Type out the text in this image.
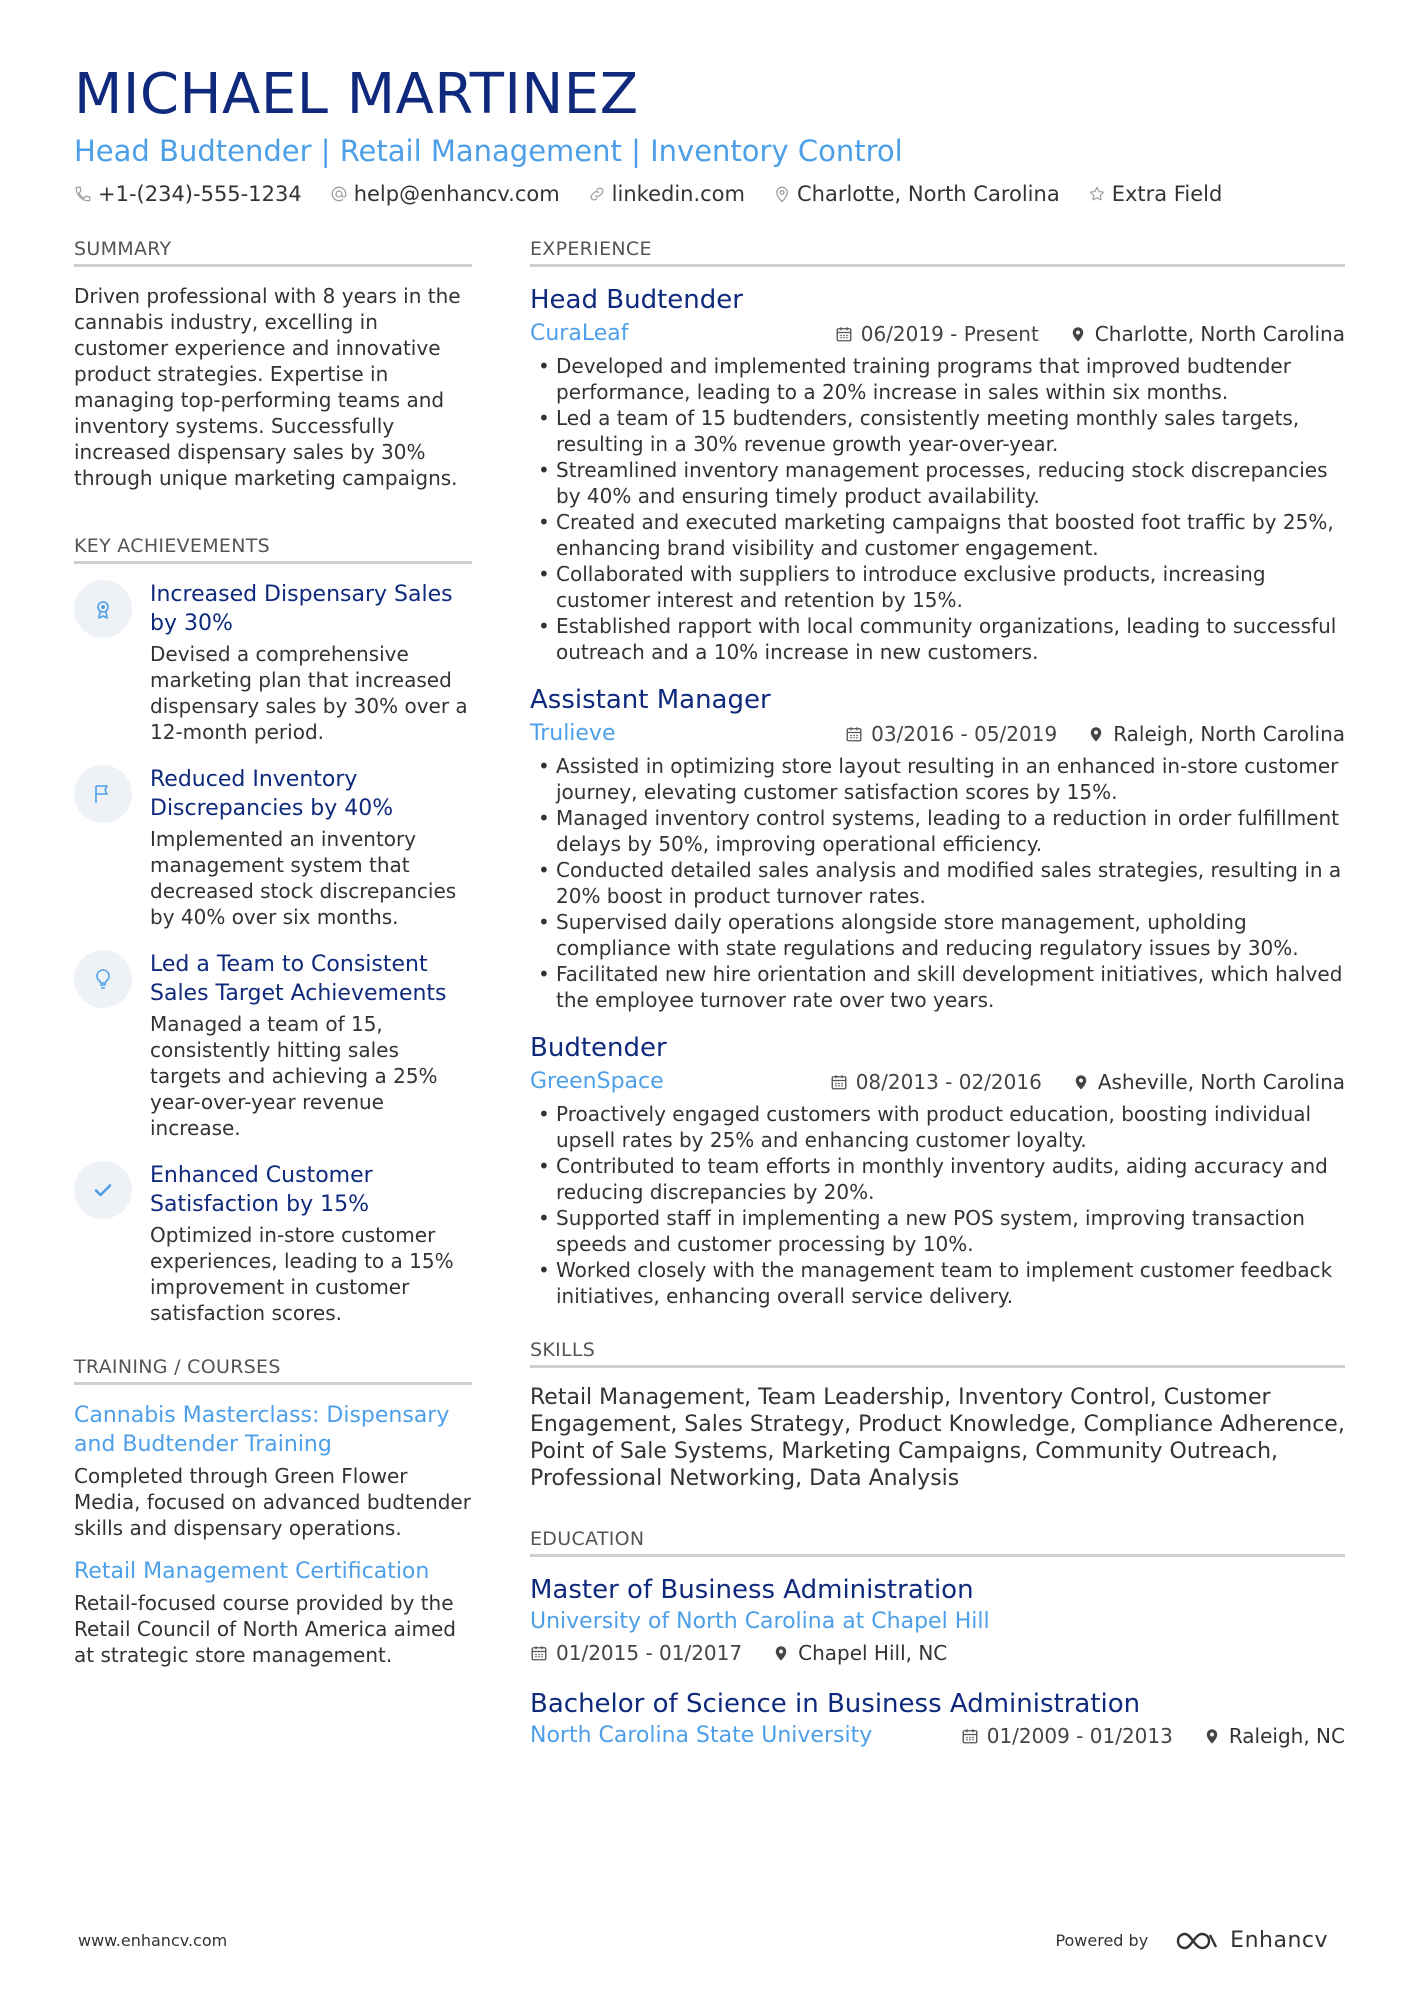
MICHAEL MARTINEZ
Head Budtender | Retail Management | Inventory Control
+1-(234)-555-1234 help@enhancv.com linkedin.com Charlotte, North Carolina Extra Field
SUMMARY
Driven professional with 8 years in the cannabis industry, excelling in customer experience and innovative product strategies. Expertise in managing top-performing teams and inventory systems. Successfully increased dispensary sales by 30% through unique marketing campaigns.
KEY ACHIEVEMENTS
Increased Dispensary Sales by 30%
Devised a comprehensive marketing plan that increased dispensary sales by 30% over a 12-month period.
Reduced Inventory Discrepancies by 40%
Implemented an inventory management system that decreased stock discrepancies by 40% over six months.
Led a Team to Consistent Sales Target Achievements
Managed a team of 15, consistently hitting sales targets and achieving a 25% year-over-year revenue increase.
Enhanced Customer Satisfaction by 15%
Optimized in-store customer experiences, leading to a 15% improvement in customer satisfaction scores.
TRAINING / COURSES
Cannabis Masterclass: Dispensary and Budtender Training
Completed through Green Flower Media, focused on advanced budtender skills and dispensary operations.
Retail Management Certification
Retail-focused course provided by the Retail Council of North America aimed at strategic store management.
EXPERIENCE
Head Budtender
CuraLeaf	06/2019 - Present	Charlotte, North Carolina
• Developed and implemented training programs that improved budtender performance, leading to a 20% increase in sales within six months.
• Led a team of 15 budtenders, consistently meeting monthly sales targets, resulting in a 30% revenue growth year-over-year.
• Streamlined inventory management processes, reducing stock discrepancies by 40% and ensuring timely product availability.
• Created and executed marketing campaigns that boosted foot traffic by 25%, enhancing brand visibility and customer engagement.
• Collaborated with suppliers to introduce exclusive products, increasing customer interest and retention by 15%.
• Established rapport with local community organizations, leading to successful outreach and a 10% increase in new customers.
Assistant Manager
Trulieve	03/2016 - 05/2019	Raleigh, North Carolina
• Assisted in optimizing store layout resulting in an enhanced in-store customer journey, elevating customer satisfaction scores by 15%.
• Managed inventory control systems, leading to a reduction in order fulfillment delays by 50%, improving operational efficiency.
• Conducted detailed sales analysis and modified sales strategies, resulting in a 20% boost in product turnover rates.
• Supervised daily operations alongside store management, upholding compliance with state regulations and reducing regulatory issues by 30%.
• Facilitated new hire orientation and skill development initiatives, which halved the employee turnover rate over two years.
Budtender
GreenSpace	08/2013 - 02/2016	Asheville, North Carolina
• Proactively engaged customers with product education, boosting individual upsell rates by 25% and enhancing customer loyalty.
• Contributed to team efforts in monthly inventory audits, aiding accuracy and reducing discrepancies by 20%.
• Supported staff in implementing a new POS system, improving transaction speeds and customer processing by 10%.
• Worked closely with the management team to implement customer feedback initiatives, enhancing overall service delivery.
SKILLS
Retail Management, Team Leadership, Inventory Control, Customer Engagement, Sales Strategy, Product Knowledge, Compliance Adherence, Point of Sale Systems, Marketing Campaigns, Community Outreach, Professional Networking, Data Analysis
EDUCATION
Master of Business Administration
University of North Carolina at Chapel Hill
01/2015 - 01/2017	Chapel Hill, NC
Bachelor of Science in Business Administration
North Carolina State University	01/2009 - 01/2013	Raleigh, NC
www.enhancv.com	Powered by	Enhancv
